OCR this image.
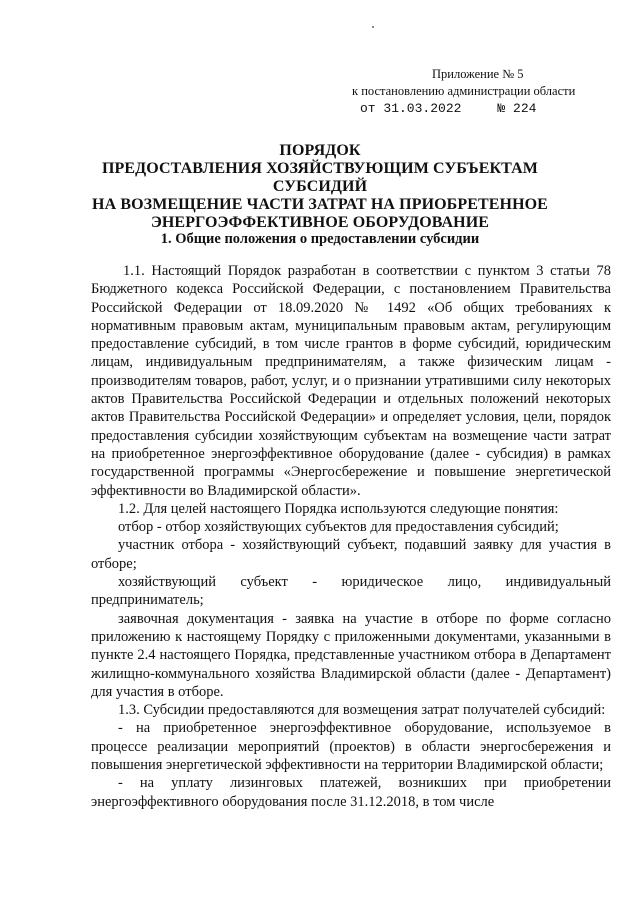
Приложение № 5
к постановлению администрации области
от 31.03.2022	№ 224
ПОРЯДОК
ПРЕДОСТАВЛЕНИЯ ХОЗЯЙСТВУЮЩИМ СУБЪЕКТАМ СУБСИДИЙ
НА ВОЗМЕЩЕНИЕ ЧАСТИ ЗАТРАТ НА ПРИОБРЕТЕННОЕ
ЭНЕРГОЭФФЕКТИВНОЕ ОБОРУДОВАНИЕ
1. Общие положения о предоставлении субсидии

1.1. Настоящий Порядок разработан в соответствии с пунктом 3 статьи 78 Бюджетного кодекса Российской Федерации, с постановлением Правительства Российской Федерации от 18.09.2020 № 1492 «Об общих требованиях к нормативным правовым актам, муниципальным правовым актам, регулирующим предоставление субсидий, в том числе грантов в форме субсидий, юридическим лицам, индивидуальным предпринимателям, а также физическим лицам - производителям товаров, работ, услуг, и о признании утратившими силу некоторых актов Правительства Российской Федерации и отдельных положений некоторых актов Правительства Российской Федерации» и определяет условия, цели, порядок предоставления субсидии хозяйствующим субъектам на возмещение части затрат на приобретенное энергоэффективное оборудование (далее - субсидия) в рамках государственной программы «Энергосбережение и повышение энергетической эффективности во Владимирской области».

1.2. Для целей настоящего Порядка используются следующие понятия:

отбор - отбор хозяйствующих субъектов для предоставления субсидий;

участник отбора - хозяйствующий субъект, подавший заявку для участия в отборе;

хозяйствующий субъект - юридическое лицо, индивидуальный предприниматель;

заявочная документация - заявка на участие в отборе по форме согласно приложению к настоящему Порядку с приложенными документами, указанными в пункте 2.4 настоящего Порядка, представленные участником отбора в Департамент жилищно-коммунального хозяйства Владимирской области (далее - Департамент) для участия в отборе.

1.3. Субсидии предоставляются для возмещения затрат получателей субсидий:

- на приобретенное энергоэффективное оборудование, используемое в процессе реализации мероприятий (проектов) в области энергосбережения и повышения энергетической эффективности на территории Владимирской области;

- на уплату лизинговых платежей, возникших при приобретении энергоэффективного оборудования после 31.12.2018, в том числе
